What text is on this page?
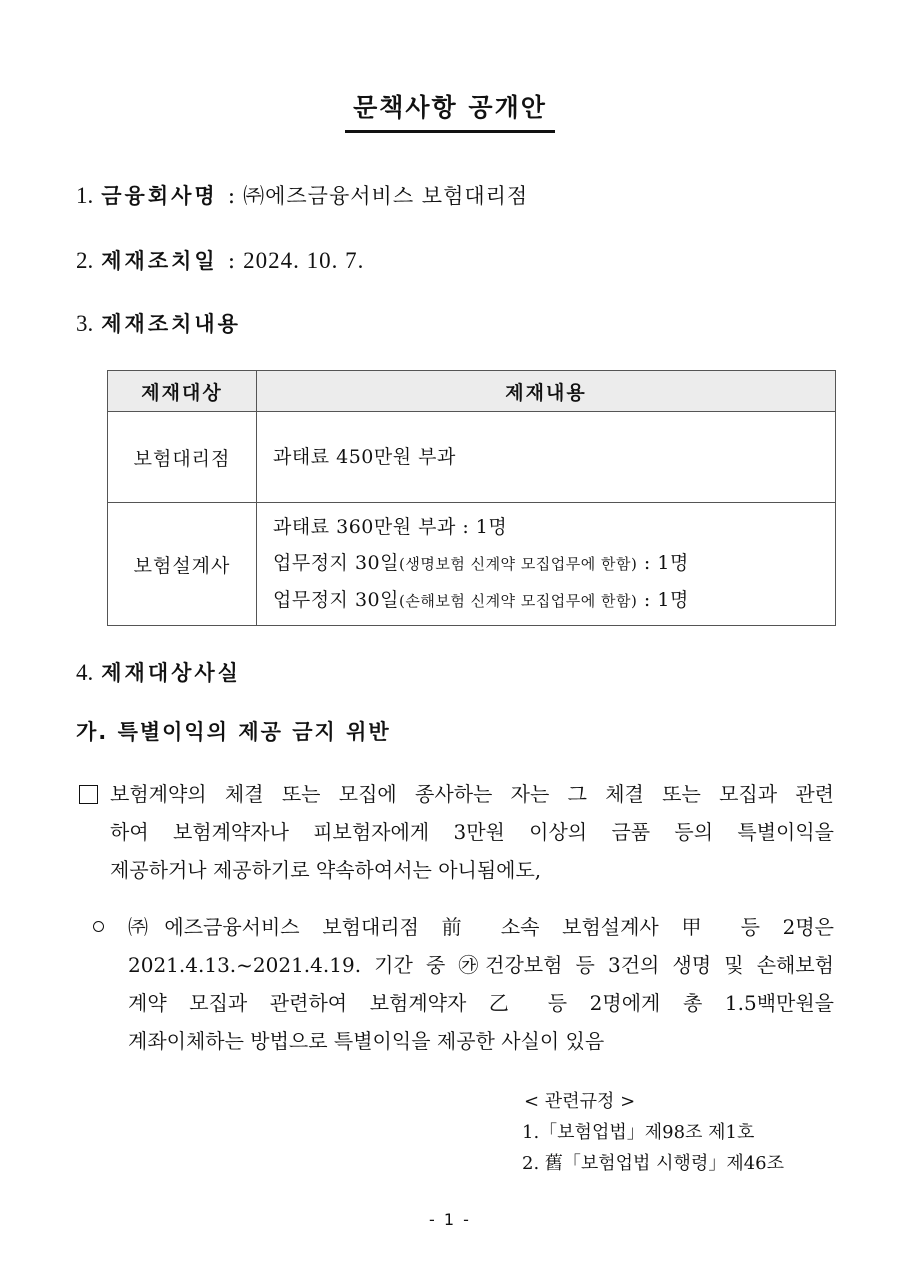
문책사항 공개안
1. 금융회사명 : ㈜에즈금융서비스 보험대리점
2. 제재조치일 : 2024. 10. 7.
3. 제재조치내용
제재대상	제재내용
보험대리점	과태료 450만원 부과

보험설계사	과태료 360만원 부과 : 1명
업무정지 30일(생명보험 신계약 모집업무에 한함) : 1명
업무정지 30일(손해보험 신계약 모집업무에 한함) : 1명
4. 제재대상사실
가. 특별이익의 제공 금지 위반
보험계약의 체결 또는 모집에 종사하는 자는 그 체결 또는 모집과 관련
하여 보험계약자나 피보험자에게 3만원 이상의 금품 등의 특별이익을
제공하거나 제공하기로 약속하여서는 아니됨에도,
㈜에즈금융서비스 보험대리점 前 소속 보험설계사 甲 등 2명은
2021.4.13.~2021.4.19. 기간 중 ㉮건강보험 등 3건의 생명 및 손해보험
계약 모집과 관련하여 보험계약자 乙 등 2명에게 총 1.5백만원을
계좌이체하는 방법으로 특별이익을 제공한 사실이 있음
< 관련규정 >
1.「보험업법」제98조 제1호
2. 舊「보험업법 시행령」제46조
- 1 -
